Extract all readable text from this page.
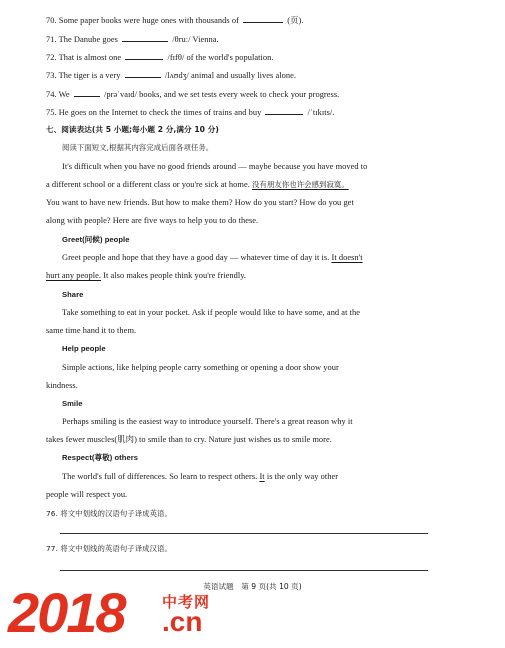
70. Some paper books were huge ones with thousands of	(页).
71. The Danube goes	/θruː/ Vienna.
72. That is almost one	/fɪfθ/ of the world's population.
73. The tiger is a very	/lʌʊdʒ/ animal and usually lives alone.
74. We	/prəˈvaɪd/ books, and we set tests every week to check your progress.
75. He goes on the Internet to check the times of trains and buy	/ˈtɪkɪts/.
七、阅读表达(共 5 小题;每小题 2 分,满分 10 分)
阅读下面短文,根据其内容完成后面各项任务。
It's difficult when you have no good friends around — maybe because you have moved to
a different school or a different class or you're sick at home. 没有朋友你也许会感到寂寞。
You want to have new friends. But how to make them? How do you start? How do you get
along with people? Here are five ways to help you to do these.
Greet(问候) people
Greet people and hope that they have a good day — whatever time of day it is. It doesn't
hurt any people. It also makes people think you're friendly.
Share
Take something to eat in your pocket. Ask if people would like to have some, and at the
same time hand it to them.
Help people
Simple actions, like helping people carry something or opening a door show your
kindness.
Smile
Perhaps smiling is the easiest way to introduce yourself. There's a great reason why it
takes fewer muscles(肌肉) to smile than to cry. Nature just wishes us to smile more.
Respect(尊敬) others
The world's full of differences. So learn to respect others. It is the only way other
people will respect you.
76. 将文中划线的汉语句子译成英语。
77. 将文中划线的英语句子译成汉语。
英语试题　第 9 页(共 10 页)
2018 中考网
.cn
